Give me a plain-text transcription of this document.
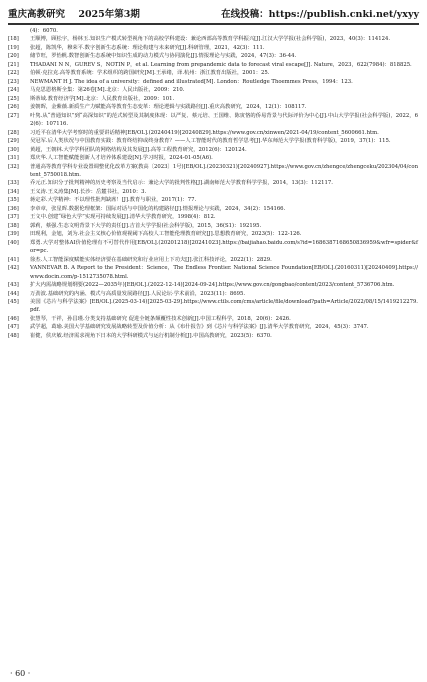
重庆高教研究 2025年第3期	在线投稿：https://publish.cnki.net/yxyy
(4)：6070.
[18]	王顺博，顾松宇，杨林玉.知识生产模式转型视角下的高校学科建设：兼论西部高等教育学科振兴[J].江汉大学学报(社会科学版)，2023，40(3)：114124.
[19]	张超，陈凯华，穆荣平.数字创新生态系统：理论构建与未来研究[J].科研管理，2021，42(3)：111.
[20]	储节旺，罗怡帆.数智创新生态系统中知识生成的动力模式与协同演化[J].情报理论与实践，2024，47(3)：36-44.
[21]	THADANI N N，GUREV S，NOTIN P，et al. Learning from prepandemic data to forecast viral escape[J]. Nature，2023，622(7984)：818825.
[22]	伯顿·克拉克.高等教育系统：学术组织的跨国研究[M].王承绪，译.杭州：浙江教育出版社，2001：25.
[23]	NEWMANT H J. The idea of a university：defined and illustrated[M]. London：Routledge Thoemmes Press，1994：123.
[24]	马克思恩格斯全集：第26卷[M].北京：人民出版社，2009：210.
[25]	斯蒂域.教育经济学[M].北京：人民教育出版社，2009：101.
[26]	姜朝晖，金紫薇.新质生产力赋能高等教育生态变革：理论逻辑与实践路径[J].重庆高教研究，2024，12(1)：108117.
[27]	叶隽.从“普通知识”到“高深知识”的范式转型及其制度体现：以严复、蔡元培、王国维、陈寅恪的侨易背景与代际评价为中心[J].中山大学学报(社会科学版)，2022，62(6)：107116.
[28]	习近平在清华大学考察时的重要讲话精神[EB/OL].(20240419)[20240829].https://www.gov.cn/xinwen/2021-04/19/content_5600661.htm.
[29]	吴冠军.后人类状况与中国教育实践：教育终结抑或终身教育？——人工智能时代的教育哲学思考[J].华东师范大学学报(教育科学版)，2019，37(1)：115.
[30]	黄超，王朝林.大学学科团队的网络结构及其发展[J].高等工程教育研究，2012(6)：120124.
[31]	郑庆华.人工智能赋能创新人才培养体系建设[N].学习时报，2024-01-05(A6).
[32]	普通高等教育学科专业设置调整优化改革方案(教高〔2023〕1号)[EB/OL].(20230321)[20240927].https://www.gov.cn/zhengce/zhengceku/202304/04/content_5750018.htm.
[33]	乔元正.知识分子批判精神的历史考察及当代启示：兼论大学的批判性格[J].湖南师范大学教育科学学报，2014，13(3)：112117.
[34]	王义涛.王义涛集[M].长沙：岳麓书社，2010：3.
[35]	蒋定彩.大学精神：不以理性批判缺席！[J].教育与职业，2017(1)：77.
[36]	李章章，张星晖.数据伦理框架：国际对话与中国化的构建路径[J].情报理论与实践，2024，34(2)：154166.
[37]	王文中.创建“绿色大学”实现可持续发展[J].清华大学教育研究，1998(4)：812.
[38]	郭莉，蔡强.生态文明背景下大学的责任[J].吉首大学学报(社会科学版)，2015，36(S1)：192195.
[39]	田现利，金旭，刘为.社会主义核心价值观视阈下高校人工智能伦理教育研究[J].思想教育研究，2023(5)：122-126.
[40]	郑勇.大学对整体AI价值伦理有不可替代作用[EB/OL].(20201218)[20241023].https://baijiahao.baidu.com/s?id=1686387168650836959&wfr=spider&for=pc.
[41]	徐杰.人工智能深度赋能实体经济要在基础研究和行业应用上下功夫[J].张江科技评论，2022(1)：2829.
[42]	VANNEVAR B. A Report to the President：Science，The Endless Frontier. National Science Foundation[EB/OL].(20160311)[20240409].https://www.docin.com/p-1512735078.html.
[43]	扩大内需战略规划纲要(2022—2035年)[EB/OL].(2022-12-14)[2024-09-24].https://www.gov.cn/gongbao/content/2023/content_5736706.htm.
[44]	万劲波.基础研究的内涵、模式与高质量发展路径[J].人民论坛·学术前沿，2023(11)：8695.
[45]	美国《芯片与科学法案》[EB/OL].(2025-03-14)[2025-03-29].https://www.ctils.com/cms/article/file/download?path=Article/2022/08/15/1419212279.pdf.
[46]	张慧琴，干祥，孙昌瑾.分类支持基础研究 促进全链条颠覆性技术创新[J].中国工程科学，2018，20(6)：2426.
[47]	武学超，葛瑜.美国大学基础研究发展战略转型及价值分析：从《布什报告》到《芯片与科学法案》[J].清华大学教育研究，2024，45(3)：3747.
[48]	崔健，侯庆敏.经济需求视角下日本的大学科研模式与运行机制分析[J].中国高教研究，2023(5)：6370.
· 60 ·
